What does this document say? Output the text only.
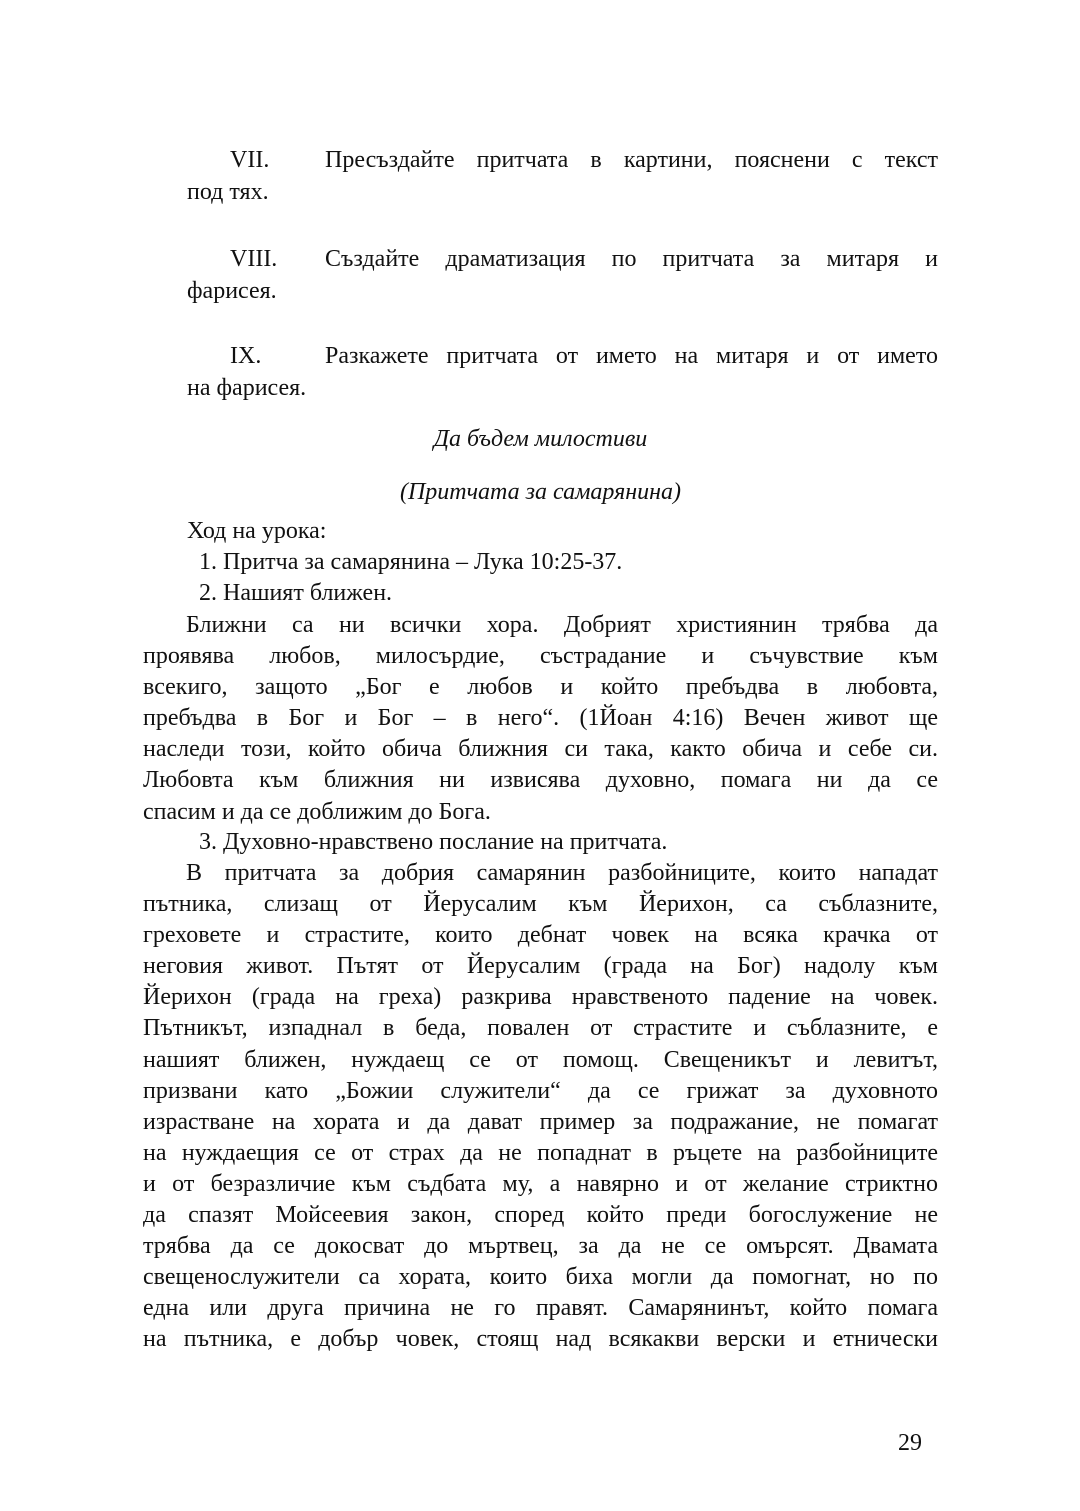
VII. Пресъздайте притчата в картини, пояснени с текст
под тях.
VIII. Създайте драматизация по притчата за митаря и
фарисея.
IX.	Разкажете притчата от името на митаря и от името
на фарисея.
Да бъдем милостиви
(Притчата за самарянина)
Ход на урока:
1. Притча за самарянина – Лука 10:25-37.
2. Нашият ближен.
Ближни са ни всички хора. Добрият християнин трябва да
проявява любов, милосърдие, състрадание и съчувствие към
всекиго, защото „Бог е любов и който пребъдва в любовта,
пребъдва в Бог и Бог – в него“. (1Йоан 4:16) Вечен живот ще
наследи този, който обича ближния си така, както обича и себе си.
Любовта към ближния ни извисява духовно, помага ни да се
спасим и да се доближим до Бога.
3. Духовно-нравствено послание на притчата.
В притчата за добрия самарянин разбойниците, които нападат
пътника, слизащ от Йерусалим към Йерихон, са съблазните,
греховете и страстите, които дебнат човек на всяка крачка от
неговия живот. Пътят от Йерусалим (града на Бог) надолу към
Йерихон (града на греха) разкрива нравственото падение на човек.
Пътникът, изпаднал в беда, повален от страстите и съблазните, е
нашият ближен, нуждаещ се от помощ. Свещеникът и левитът,
призвани като „Божии служители“ да се грижат за духовното
израстване на хората и да дават пример за подражание, не помагат
на нуждаещия се от страх да не попаднат в ръцете на разбойниците
и от безразличие към съдбата му, а навярно и от желание стриктно
да спазят Мойсеевия закон, според който преди богослужение не
трябва да се докосват до мъртвец, за да не се омърсят. Двамата
свещенослужители са хората, които биха могли да помогнат, но по
една или друга причина не го правят. Самарянинът, който помага
на пътника, е добър човек, стоящ над всякакви верски и етнически
29
